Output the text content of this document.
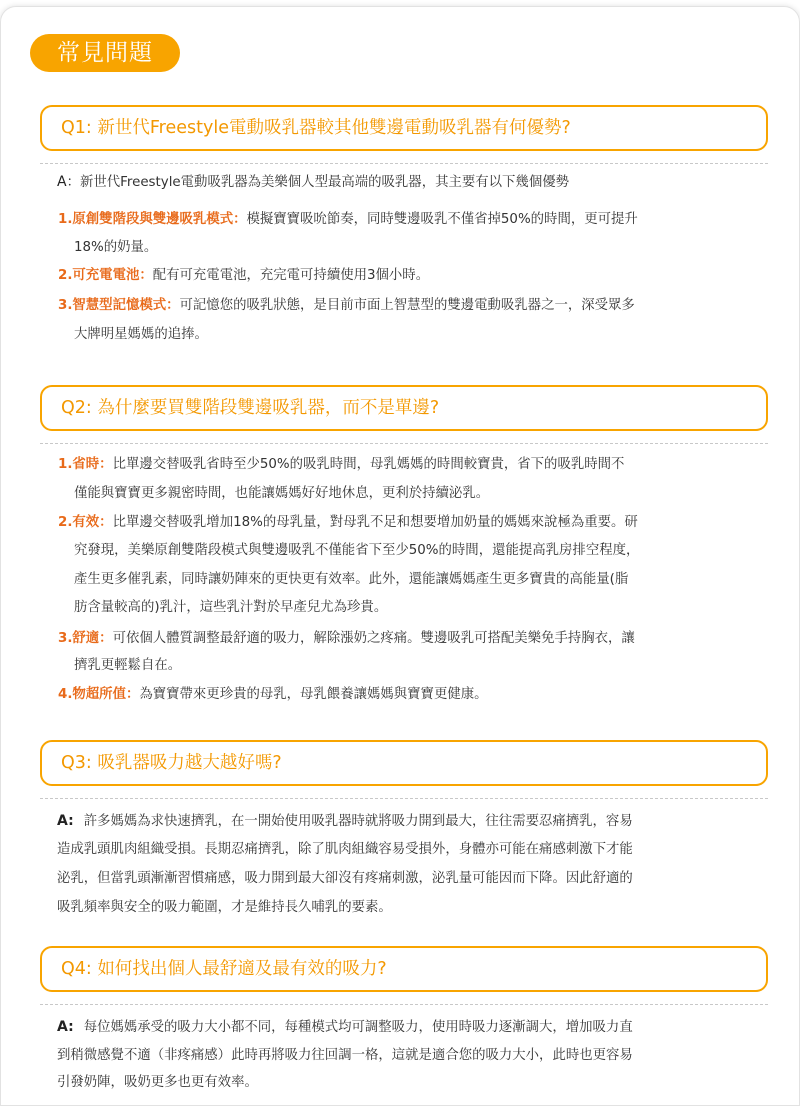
常見問題
Q1: 新世代Freestyle電動吸乳器較其他雙邊電動吸乳器有何優勢?
A：新世代Freestyle電動吸乳器為美樂個人型最高端的吸乳器，其主要有以下幾個優勢
1.原創雙階段與雙邊吸乳模式：模擬寶寶吸吮節奏，同時雙邊吸乳不僅省掉50%的時間，更可提升
18%的奶量。
2.可充電電池：配有可充電電池，充完電可持續使用3個小時。
3.智慧型記憶模式：可記憶您的吸乳狀態，是目前市面上智慧型的雙邊電動吸乳器之一，深受眾多
大牌明星媽媽的追捧。
Q2: 為什麼要買雙階段雙邊吸乳器，而不是單邊?
1.省時：比單邊交替吸乳省時至少50%的吸乳時間，母乳媽媽的時間較寶貴，省下的吸乳時間不
僅能與寶寶更多親密時間，也能讓媽媽好好地休息，更利於持續泌乳。
2.有效：比單邊交替吸乳增加18%的母乳量，對母乳不足和想要增加奶量的媽媽來說極為重要。研
究發現，美樂原創雙階段模式與雙邊吸乳不僅能省下至少50%的時間，還能提高乳房排空程度，
產生更多催乳素，同時讓奶陣來的更快更有效率。此外，還能讓媽媽產生更多寶貴的高能量(脂
肪含量較高的)乳汁，這些乳汁對於早產兒尤為珍貴。
3.舒適：可依個人體質調整最舒適的吸力，解除漲奶之疼痛。雙邊吸乳可搭配美樂免手持胸衣，讓
擠乳更輕鬆自在。
4.物超所值：為寶寶帶來更珍貴的母乳，母乳餵養讓媽媽與寶寶更健康。
Q3: 吸乳器吸力越大越好嗎?
A: 許多媽媽為求快速擠乳，在一開始使用吸乳器時就將吸力開到最大，往往需要忍痛擠乳，容易
造成乳頭肌肉組織受損。長期忍痛擠乳，除了肌肉組織容易受損外，身體亦可能在痛感刺激下才能
泌乳，但當乳頭漸漸習慣痛感，吸力開到最大卻沒有疼痛刺激，泌乳量可能因而下降。因此舒適的
吸乳頻率與安全的吸力範圍，才是維持長久哺乳的要素。
Q4: 如何找出個人最舒適及最有效的吸力?
A: 每位媽媽承受的吸力大小都不同，每種模式均可調整吸力，使用時吸力逐漸調大，增加吸力直
到稍微感覺不適（非疼痛感）此時再將吸力往回調一格，這就是適合您的吸力大小，此時也更容易
引發奶陣，吸奶更多也更有效率。
